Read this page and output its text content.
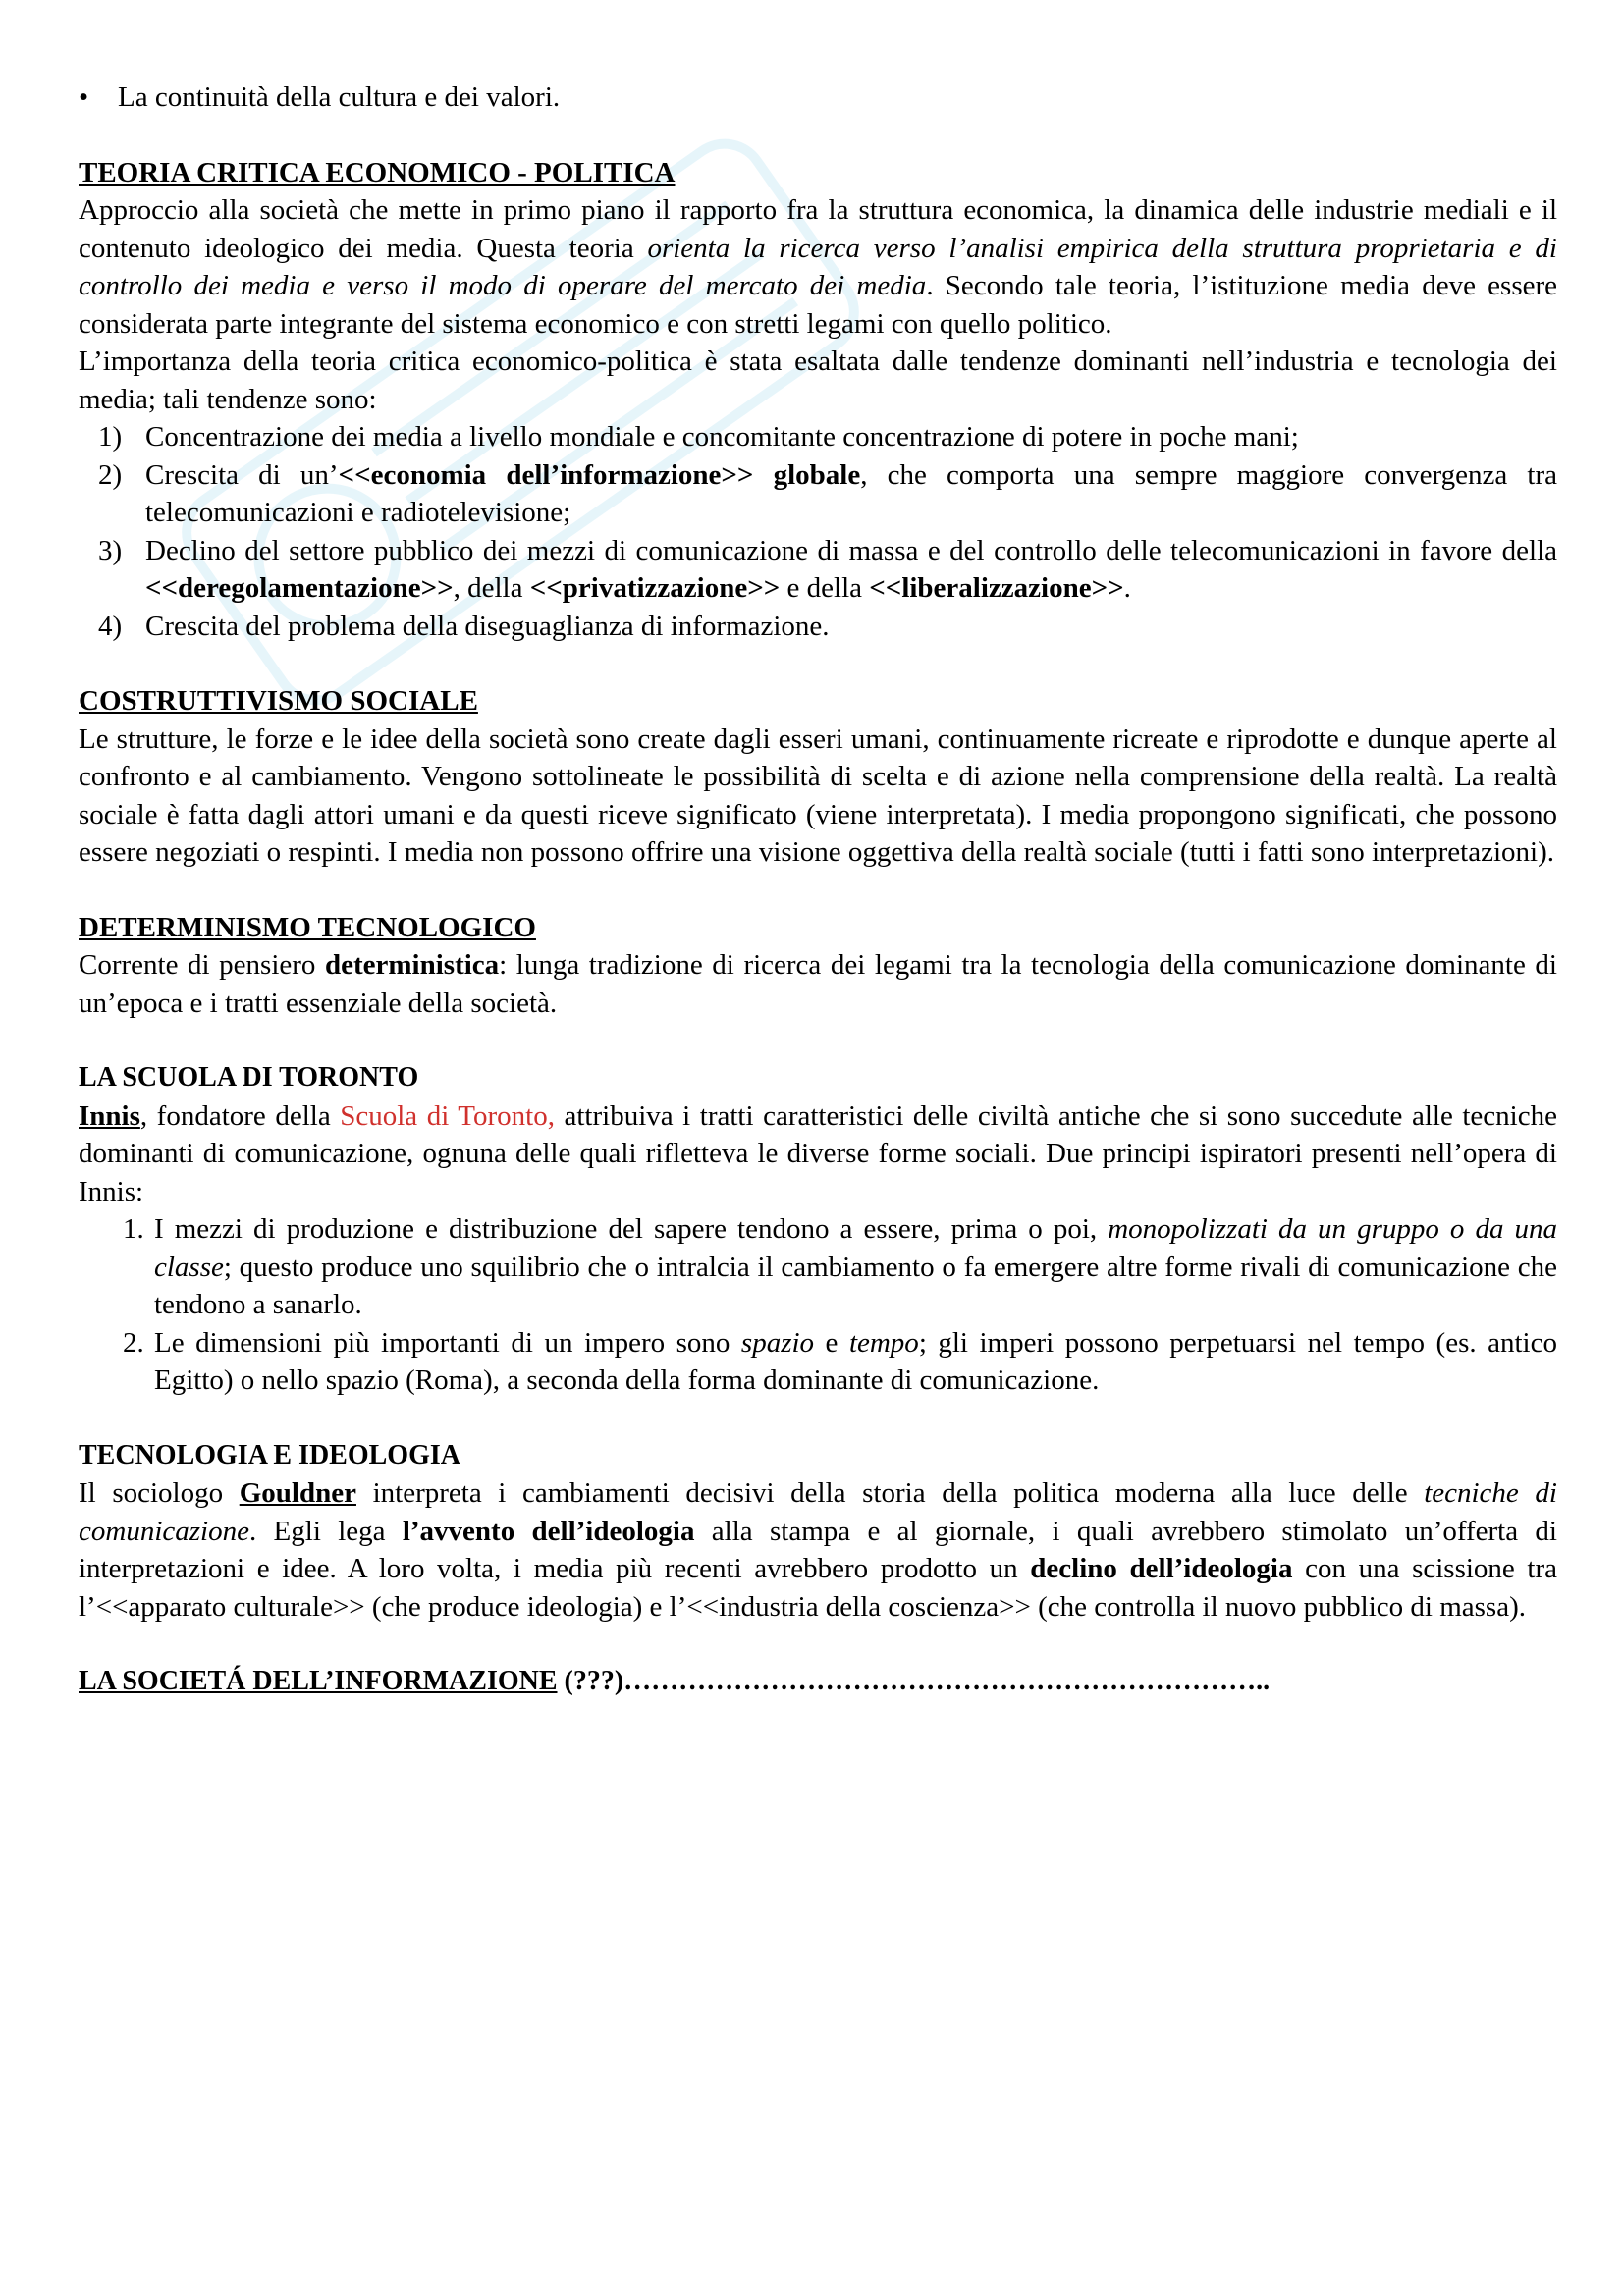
•	La continuità della cultura e dei valori.

TEORIA CRITICA ECONOMICO - POLITICA

Approccio alla società che mette in primo piano il rapporto fra la struttura economica, la dinamica delle industrie mediali e il contenuto ideologico dei media. Questa teoria orienta la ricerca verso l’analisi empirica della struttura proprietaria e di controllo dei media e verso il modo di operare del mercato dei media. Secondo tale teoria, l’istituzione media deve essere considerata parte integrante del sistema economico e con stretti legami con quello politico.

L’importanza della teoria critica economico-politica è stata esaltata dalle tendenze dominanti nell’industria e tecnologia dei media; tali tendenze sono:

1) Concentrazione dei media a livello mondiale e concomitante concentrazione di potere in poche mani;
2) Crescita di un’<<economia dell’informazione>> globale, che comporta una sempre maggiore convergenza tra telecomunicazioni e radiotelevisione;
3) Declino del settore pubblico dei mezzi di comunicazione di massa e del controllo delle telecomunicazioni in favore della <<deregolamentazione>>, della <<privatizzazione>> e della <<liberalizzazione>>.
4) Crescita del problema della diseguaglianza di informazione.

COSTRUTTIVISMO SOCIALE

Le strutture, le forze e le idee della società sono create dagli esseri umani, continuamente ricreate e riprodotte e dunque aperte al confronto e al cambiamento. Vengono sottolineate le possibilità di scelta e di azione nella comprensione della realtà. La realtà sociale è fatta dagli attori umani e da questi riceve significato (viene interpretata). I media propongono significati, che possono essere negoziati o respinti. I media non possono offrire una visione oggettiva della realtà sociale (tutti i fatti sono interpretazioni).

DETERMINISMO TECNOLOGICO

Corrente di pensiero deterministica: lunga tradizione di ricerca dei legami tra la tecnologia della comunicazione dominante di un’epoca e i tratti essenziale della società.

LA SCUOLA DI TORONTO

Innis, fondatore della Scuola di Toronto, attribuiva i tratti caratteristici delle civiltà antiche che si sono succedute alle tecniche dominanti di comunicazione, ognuna delle quali rifletteva le diverse forme sociali. Due principi ispiratori presenti nell’opera di Innis:

1. I mezzi di produzione e distribuzione del sapere tendono a essere, prima o poi, monopolizzati da un gruppo o da una classe; questo produce uno squilibrio che o intralcia il cambiamento o fa emergere altre forme rivali di comunicazione che tendono a sanarlo.
2. Le dimensioni più importanti di un impero sono spazio e tempo; gli imperi possono perpetuarsi nel tempo (es. antico Egitto) o nello spazio (Roma), a seconda della forma dominante di comunicazione.

TECNOLOGIA E IDEOLOGIA

Il sociologo Gouldner interpreta i cambiamenti decisivi della storia della politica moderna alla luce delle tecniche di comunicazione. Egli lega l’avvento dell’ideologia alla stampa e al giornale, i quali avrebbero stimolato un’offerta di interpretazioni e idee. A loro volta, i media più recenti avrebbero prodotto un declino dell’ideologia con una scissione tra l’<<apparato culturale>> (che produce ideologia) e l’<<industria della coscienza>> (che controlla il nuovo pubblico di massa).

LA SOCIETÁ DELL’INFORMAZIONE (???)……………………………………………………………..
